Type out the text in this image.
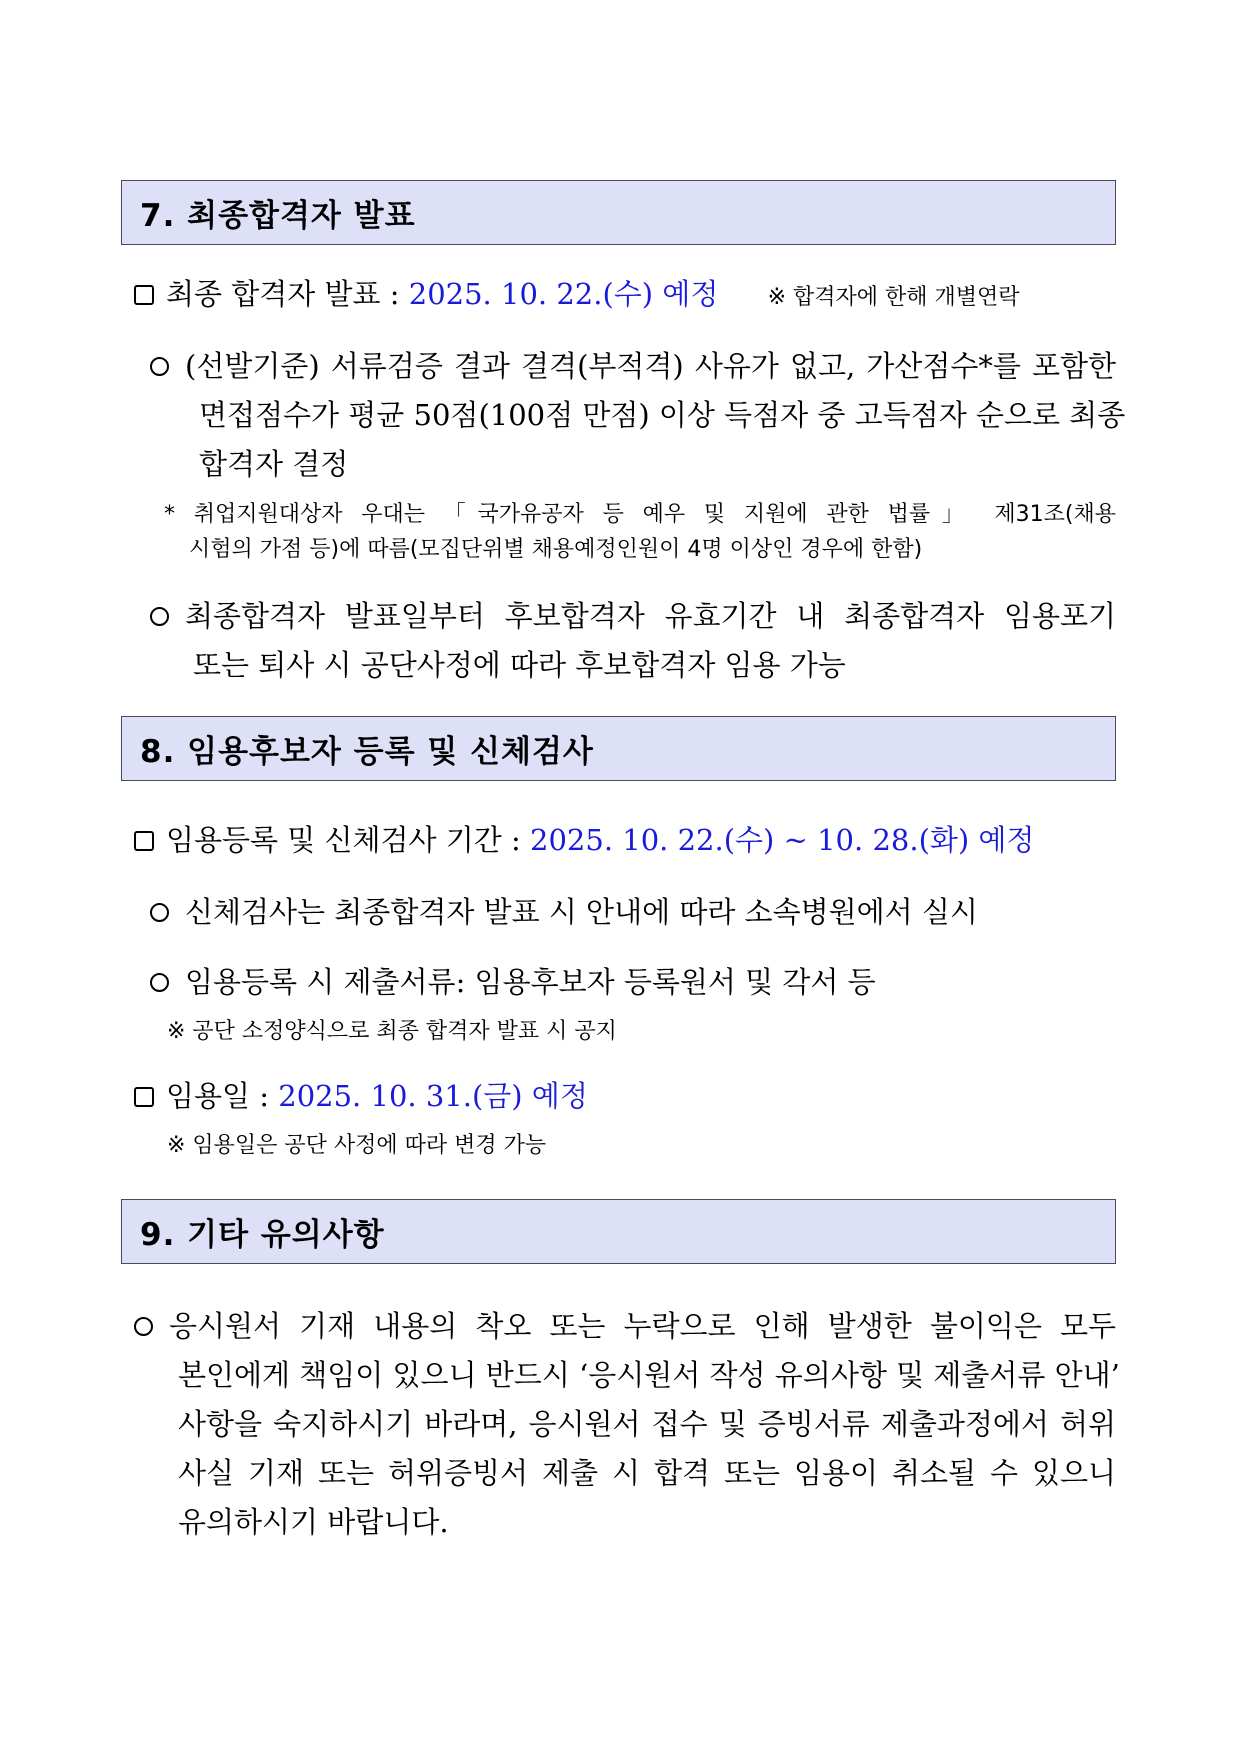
7. 최종합격자 발표
최종 합격자 발표 : 2025. 10. 22.(수) 예정 ※ 합격자에 한해 개별연락
(선발기준) 서류검증 결과 결격(부적격) 사유가 없고, 가산점수*를 포함한
면접점수가 평균 50점(100점 만점) 이상 득점자 중 고득점자 순으로 최종
합격자 결정
* 취업지원대상자 우대는 「국가유공자 등 예우 및 지원에 관한 법률」 제31조(채용
시험의 가점 등)에 따름(모집단위별 채용예정인원이 4명 이상인 경우에 한함)
최종합격자 발표일부터 후보합격자 유효기간 내 최종합격자 임용포기
또는 퇴사 시 공단사정에 따라 후보합격자 임용 가능
8. 임용후보자 등록 및 신체검사
임용등록 및 신체검사 기간 : 2025. 10. 22.(수) ~ 10. 28.(화) 예정
신체검사는 최종합격자 발표 시 안내에 따라 소속병원에서 실시
임용등록 시 제출서류: 임용후보자 등록원서 및 각서 등
※ 공단 소정양식으로 최종 합격자 발표 시 공지
임용일 : 2025. 10. 31.(금) 예정
※ 임용일은 공단 사정에 따라 변경 가능
9. 기타 유의사항
응시원서 기재 내용의 착오 또는 누락으로 인해 발생한 불이익은 모두
본인에게 책임이 있으니 반드시 ‘응시원서 작성 유의사항 및 제출서류 안내’
사항을 숙지하시기 바라며, 응시원서 접수 및 증빙서류 제출과정에서 허위
사실 기재 또는 허위증빙서 제출 시 합격 또는 임용이 취소될 수 있으니
유의하시기 바랍니다.
